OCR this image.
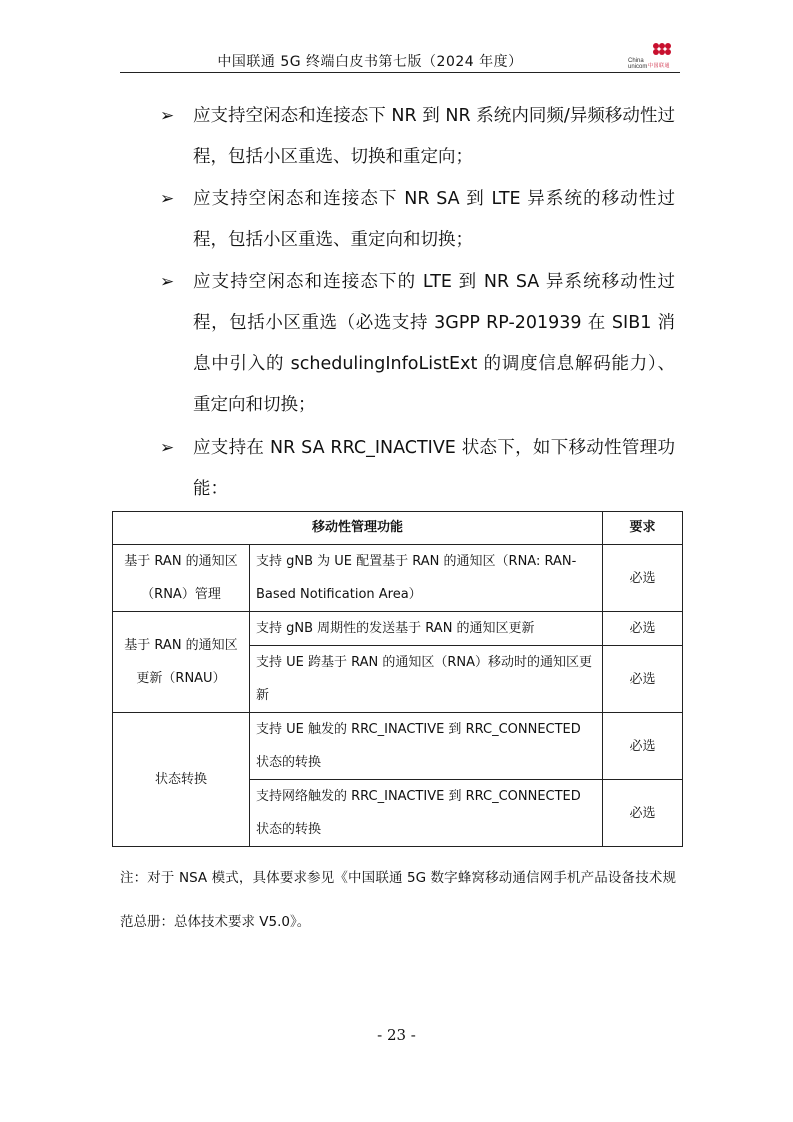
中国联通 5G 终端白皮书第七版（2024 年度）	China
unicom 中国联通
➢ 应支持空闲态和连接态下 NR 到 NR 系统内同频/异频移动性过程，包括小区重选、切换和重定向；
➢ 应支持空闲态和连接态下 NR SA 到 LTE 异系统的移动性过程，包括小区重选、重定向和切换；
➢ 应支持空闲态和连接态下的 LTE 到 NR SA 异系统移动性过程，包括小区重选（必选支持 3GPP RP-201939 在 SIB1 消息中引入的 schedulingInfoListExt 的调度信息解码能力）、重定向和切换；
➢ 应支持在 NR SA RRC_INACTIVE 状态下，如下移动性管理功能：
移动性管理功能		要求
基于 RAN 的通知区（RNA）管理	支持 gNB 为 UE 配置基于 RAN 的通知区（RNA: RAN-Based Notification Area）	必选
基于 RAN 的通知区更新（RNAU）	支持 gNB 周期性的发送基于 RAN 的通知区更新	必选
	支持 UE 跨基于 RAN 的通知区（RNA）移动时的通知区更新	必选
状态转换	支持 UE 触发的 RRC_INACTIVE 到 RRC_CONNECTED 状态的转换	必选
	支持网络触发的 RRC_INACTIVE 到 RRC_CONNECTED 状态的转换	必选
注：对于 NSA 模式，具体要求参见《中国联通 5G 数字蜂窝移动通信网手机产品设备技术规范总册：总体技术要求 V5.0》。
- 23 -
